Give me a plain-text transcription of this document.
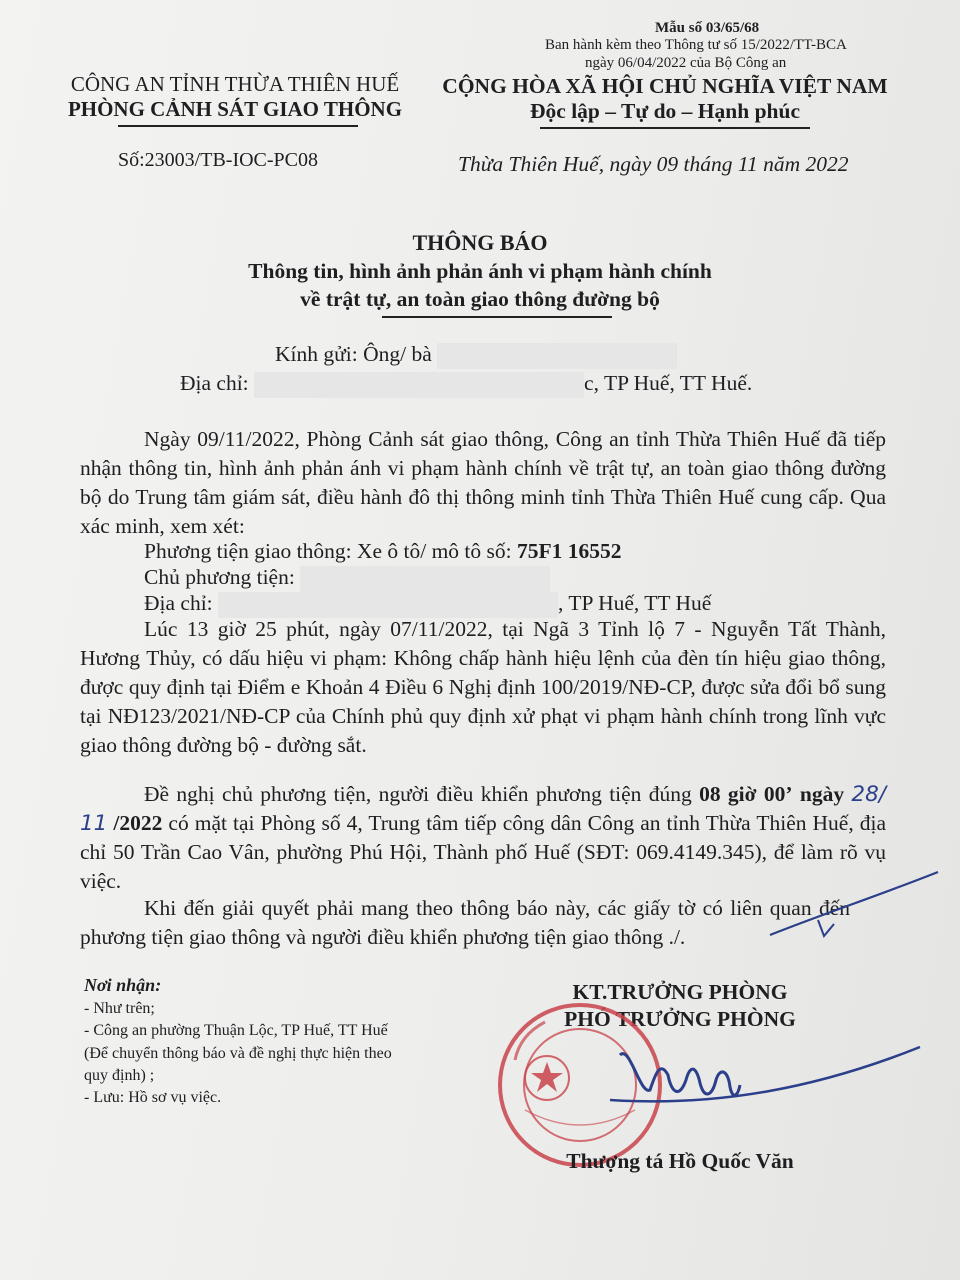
Mẫu số 03/65/68
Ban hành kèm theo Thông tư số 15/2022/TT-BCA
ngày 06/04/2022 của Bộ Công an
CÔNG AN TỈNH THỪA THIÊN HUẾ
PHÒNG CẢNH SÁT GIAO THÔNG
Số:23003/TB-IOC-PC08
CỘNG HÒA XÃ HỘI CHỦ NGHĨA VIỆT NAM
Độc lập – Tự do – Hạnh phúc
Thừa Thiên Huế, ngày 09 tháng 11 năm 2022
THÔNG BÁO
Thông tin, hình ảnh phản ánh vi phạm hành chính
về trật tự, an toàn giao thông đường bộ
Kính gửi: Ông/ bà
Địa chỉ:	c, TP Huế, TT Huế.
Ngày 09/11/2022, Phòng Cảnh sát giao thông, Công an tỉnh Thừa Thiên Huế đã tiếp nhận thông tin, hình ảnh phản ánh vi phạm hành chính về trật tự, an toàn giao thông đường bộ do Trung tâm giám sát, điều hành đô thị thông minh tỉnh Thừa Thiên Huế cung cấp. Qua xác minh, xem xét:
Phương tiện giao thông: Xe ô tô/ mô tô số: 75F1 16552
Chủ phương tiện:
Địa chỉ:	, TP Huế, TT Huế
Lúc 13 giờ 25 phút, ngày 07/11/2022, tại Ngã 3 Tỉnh lộ 7 - Nguyễn Tất Thành, Hương Thủy, có dấu hiệu vi phạm: Không chấp hành hiệu lệnh của đèn tín hiệu giao thông, được quy định tại Điểm e Khoản 4 Điều 6 Nghị định 100/2019/NĐ-CP, được sửa đổi bổ sung tại NĐ123/2021/NĐ-CP của Chính phủ quy định xử phạt vi phạm hành chính trong lĩnh vực giao thông đường bộ - đường sắt.
Đề nghị chủ phương tiện, người điều khiển phương tiện đúng 08 giờ 00’ ngày 28/ 11 /2022 có mặt tại Phòng số 4, Trung tâm tiếp công dân Công an tỉnh Thừa Thiên Huế, địa chỉ 50 Trần Cao Vân, phường Phú Hội, Thành phố Huế (SĐT: 069.4149.345), để làm rõ vụ việc.
Khi đến giải quyết phải mang theo thông báo này, các giấy tờ có liên quan đến phương tiện giao thông và người điều khiển phương tiện giao thông ./.
Nơi nhận:
- Như trên;
- Công an phường Thuận Lộc, TP Huế, TT Huế
(Để chuyển thông báo và đề nghị thực hiện theo
quy định) ;
- Lưu: Hồ sơ vụ việc.
KT.TRƯỞNG PHÒNG
PHÓ TRƯỞNG PHÒNG
Thượng tá Hồ Quốc Văn
